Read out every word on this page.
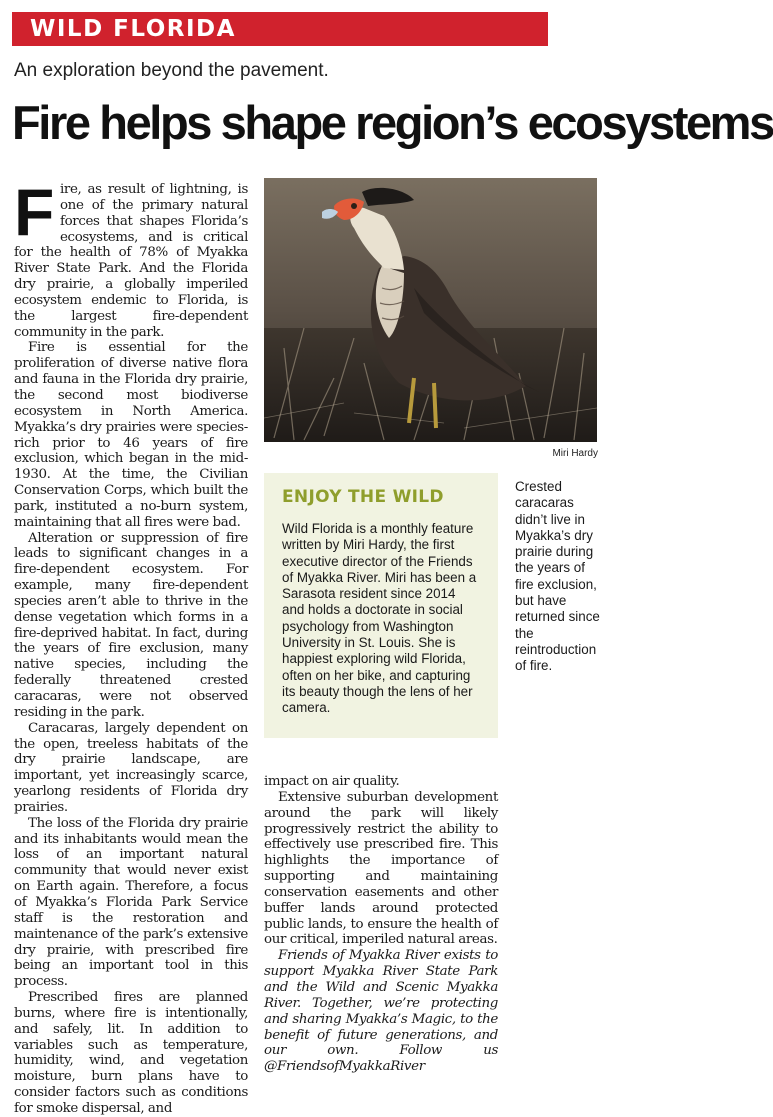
WILD FLORIDA
An exploration beyond the pavement.
Fire helps shape region’s ecosystems

Fire, as result of lightning, is one of the primary natural forces that shapes Florida’s ecosystems, and is critical for the health of 78% of Myakka River State Park. And the Florida dry prairie, a globally imperiled ecosystem endemic to Florida, is the largest fire-dependent community in the park.

Fire is essential for the proliferation of diverse native flora and fauna in the Florida dry prairie, the second most biodiverse ecosystem in North America. Myakka’s dry prairies were species-rich prior to 46 years of fire exclusion, which began in the mid-1930. At the time, the Civilian Conservation Corps, which built the park, instituted a no-burn system, maintaining that all fires were bad.

Alteration or suppression of fire leads to significant changes in a fire-dependent ecosystem. For example, many fire-dependent species aren’t able to thrive in the dense vegetation which forms in a fire-deprived habitat. In fact, during the years of fire exclusion, many native species, including the federally threatened crested caracaras, were not observed residing in the park.

Caracaras, largely dependent on the open, treeless habitats of the dry prairie landscape, are important, yet increasingly scarce, yearlong residents of Florida dry prairies.

The loss of the Florida dry prairie and its inhabitants would mean the loss of an important natural community that would never exist on Earth again. Therefore, a focus of Myakka’s Florida Park Service staff is the restoration and maintenance of the park’s extensive dry prairie, with prescribed fire being an important tool in this process.

Prescribed fires are planned burns, where fire is intentionally, and safely, lit. In addition to variables such as temperature, humidity, wind, and vegetation moisture, burn plans have to consider factors such as conditions for smoke dispersal, and

Miri Hardy
ENJOY THE WILD
Wild Florida is a monthly feature written by Miri Hardy, the first executive director of the Friends of Myakka River. Miri has been a Sarasota resident since 2014 and holds a doctorate in social psychology from Washington University in St. Louis. She is happiest exploring wild Florida, often on her bike, and capturing its beauty though the lens of her camera.
Crested caracaras didn’t live in Myakka’s dry prairie during the years of fire exclusion, but have returned since the reintroduction of fire.

impact on air quality.

Extensive suburban development around the park will likely progressively restrict the ability to effectively use prescribed fire. This highlights the importance of supporting and maintaining conservation easements and other buffer lands around protected public lands, to ensure the health of our critical, imperiled natural areas.

Friends of Myakka River exists to support Myakka River State Park and the Wild and Scenic Myakka River. Together, we’re protecting and sharing Myakka’s Magic, to the benefit of future generations, and our own. Follow us @FriendsofMyakkaRiver
